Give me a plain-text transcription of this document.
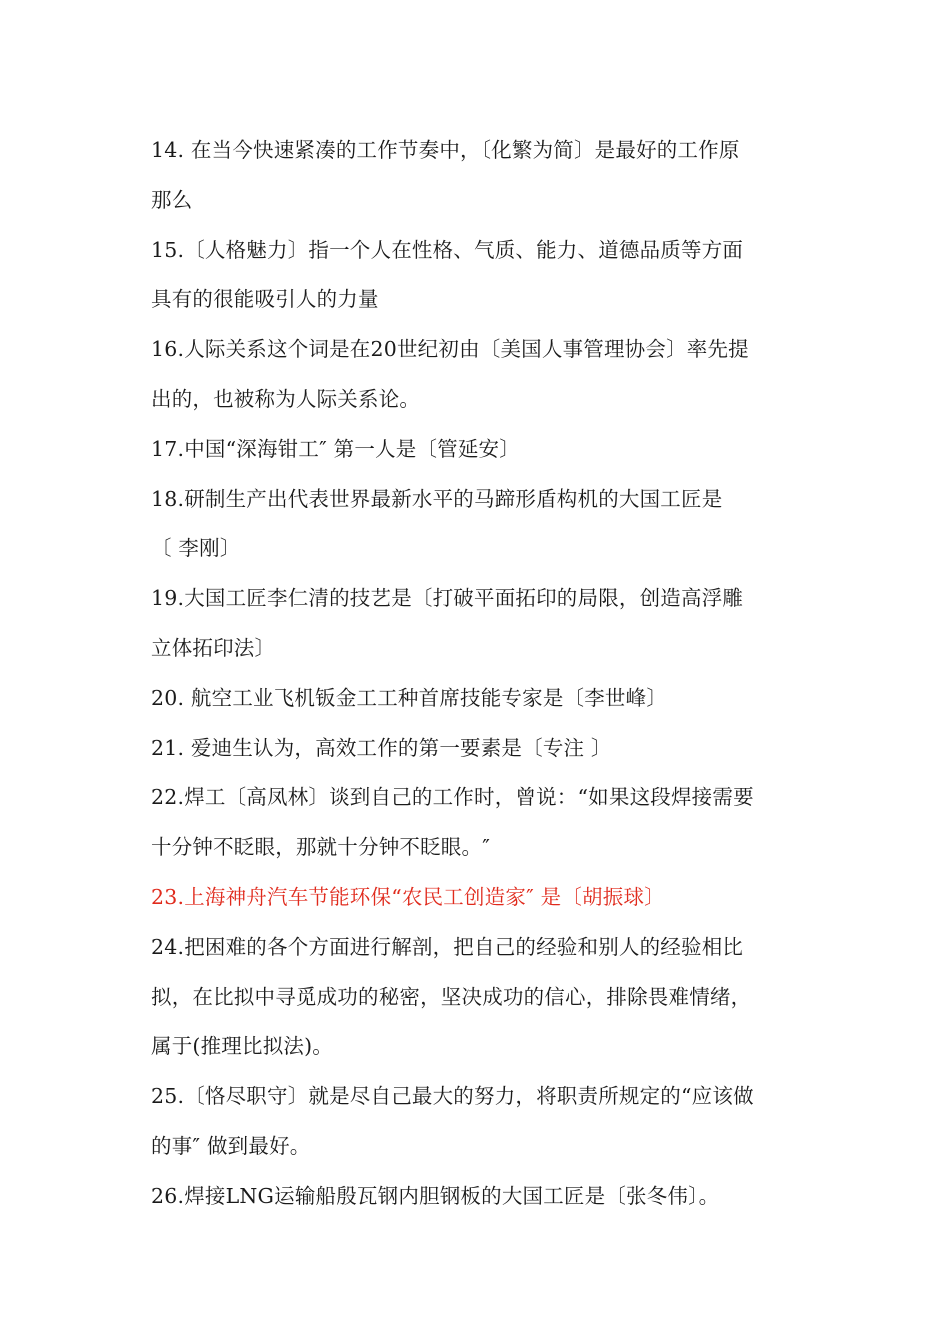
14. 在当今快速紧凑的工作节奏中，〔化繁为简〕是最好的工作原
那么
15.〔人格魅力〕指一个人在性格、气质、能力、道德品质等方面
具有的很能吸引人的力量
16.人际关系这个词是在20世纪初由〔美国人事管理协会〕率先提
出的，也被称为人际关系论。
17.中国“深海钳工″ 第一人是〔管延安〕
18.研制生产出代表世界最新水平的马蹄形盾构机的大国工匠是
〔 李刚〕
19.大国工匠李仁清的技艺是〔打破平面拓印的局限，创造高浮雕
立体拓印法〕
20. 航空工业飞机钣金工工种首席技能专家是〔李世峰〕
21. 爱迪生认为，高效工作的第一要素是〔专注 〕
22.焊工〔高凤林〕谈到自己的工作时，曾说：“如果这段焊接需要
十分钟不眨眼，那就十分钟不眨眼。″
23.上海神舟汽车节能环保“农民工创造家″ 是〔胡振球〕
24.把困难的各个方面进行解剖，把自己的经验和别人的经验相比
拟，在比拟中寻觅成功的秘密，坚决成功的信心，排除畏难情绪，
属于(推理比拟法)。
25.〔恪尽职守〕就是尽自己最大的努力，将职责所规定的“应该做
的事″ 做到最好。
26.焊接LNG运输船殷瓦钢内胆钢板的大国工匠是〔张冬伟〕。
